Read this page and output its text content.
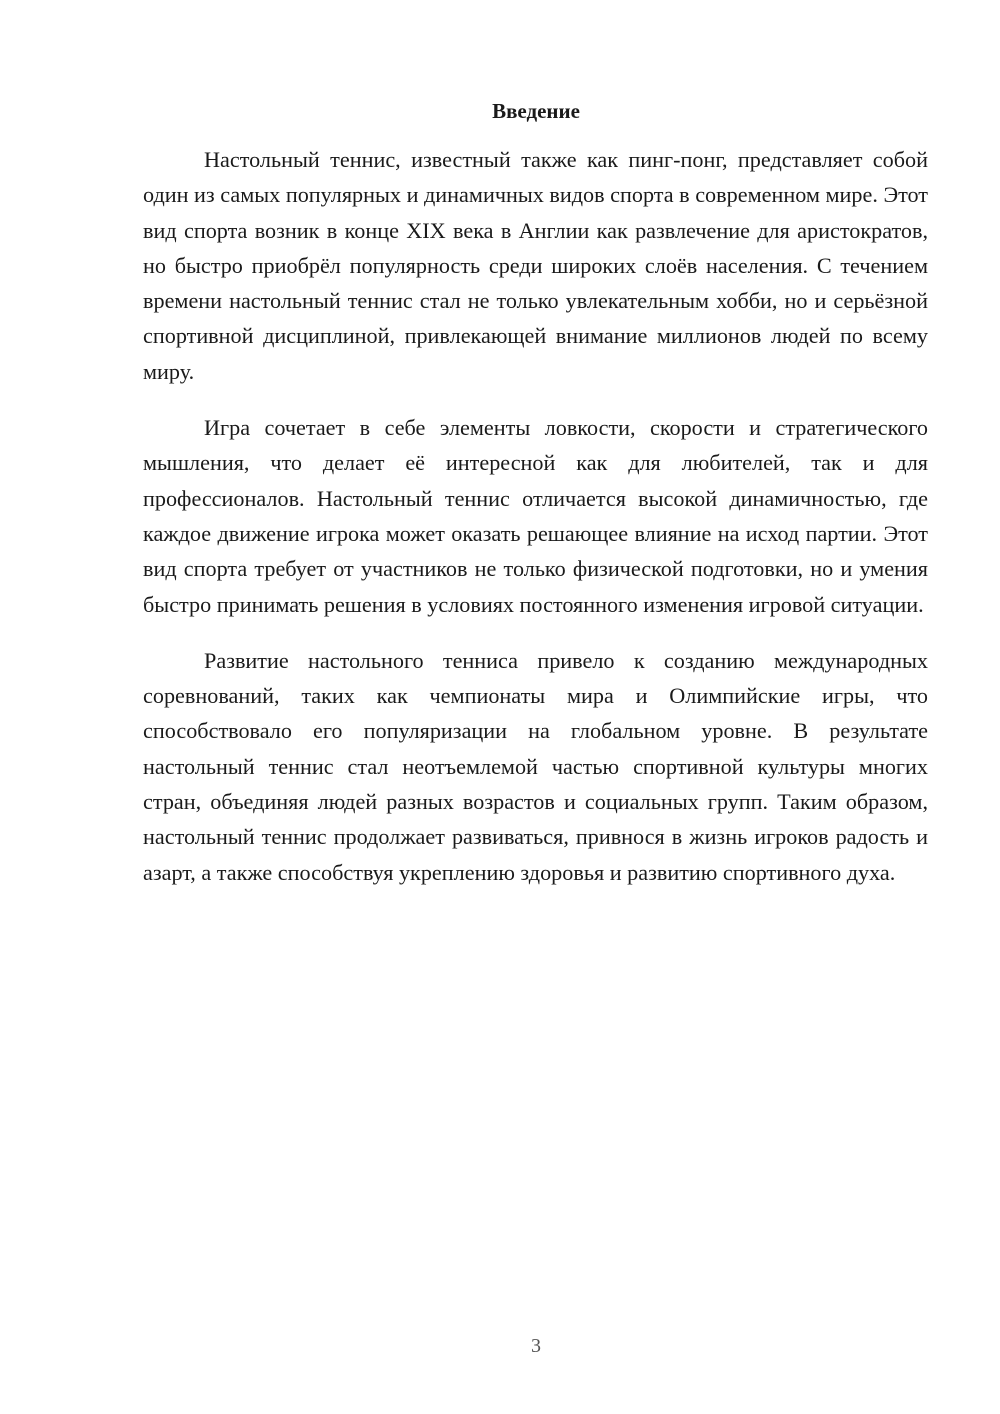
Введение

Настольный теннис, известный также как пинг-понг, представляет собой один из самых популярных и динамичных видов спорта в современном мире. Этот вид спорта возник в конце XIX века в Англии как развлечение для аристократов, но быстро приобрёл популярность среди широких слоёв населения. С течением времени настольный теннис стал не только увлекательным хобби, но и серьёзной спортивной дисциплиной, привлекающей внимание миллионов людей по всему миру.

Игра сочетает в себе элементы ловкости, скорости и стратегического мышления, что делает её интересной как для любителей, так и для профессионалов. Настольный теннис отличается высокой динамичностью, где каждое движение игрока может оказать решающее влияние на исход партии. Этот вид спорта требует от участников не только физической подготовки, но и умения быстро принимать решения в условиях постоянного изменения игровой ситуации.

Развитие настольного тенниса привело к созданию международных соревнований, таких как чемпионаты мира и Олимпийские игры, что способствовало его популяризации на глобальном уровне. В результате настольный теннис стал неотъемлемой частью спортивной культуры многих стран, объединяя людей разных возрастов и социальных групп. Таким образом, настольный теннис продолжает развиваться, привнося в жизнь игроков радость и азарт, а также способствуя укреплению здоровья и развитию спортивного духа.

3
